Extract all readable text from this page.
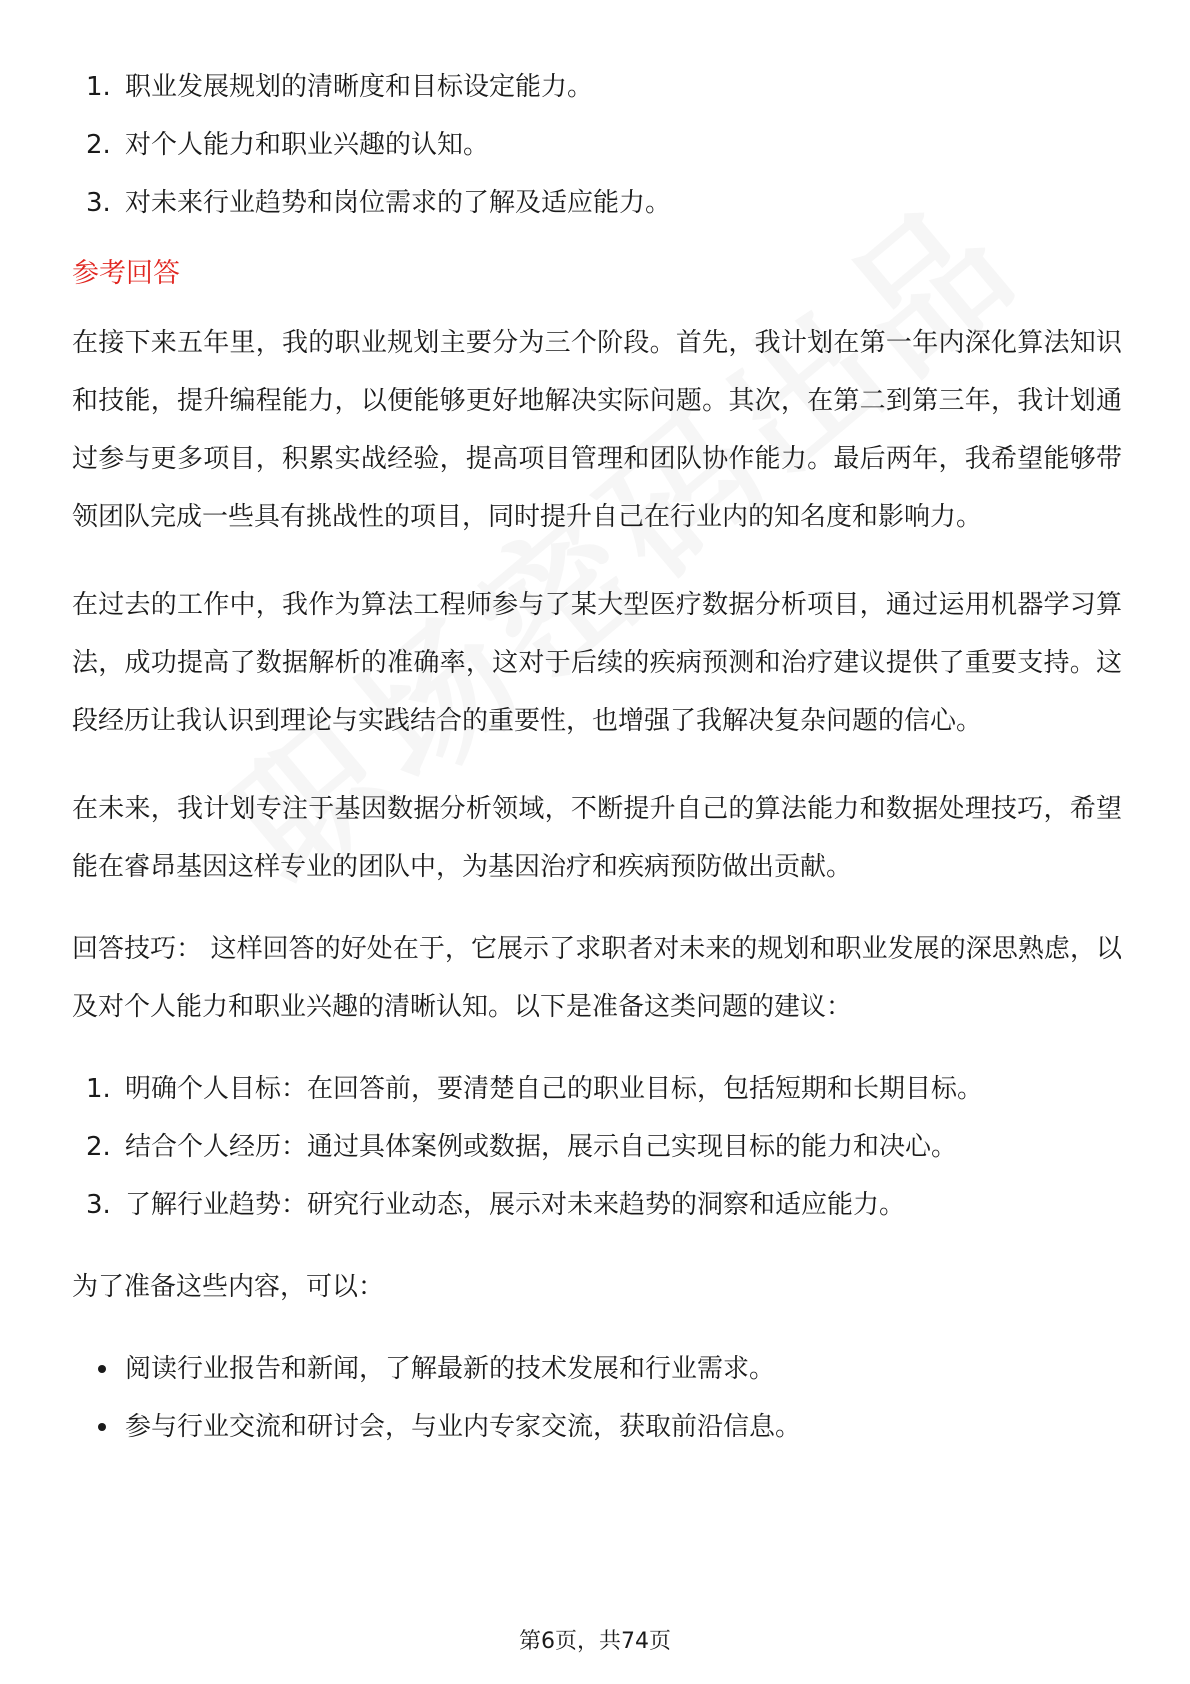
1. 职业发展规划的清晰度和目标设定能力。
2. 对个人能力和职业兴趣的认知。
3. 对未来行业趋势和岗位需求的了解及适应能力。
参考回答

在接下来五年里，我的职业规划主要分为三个阶段。首先，我计划在第一年内深化算法知识和技能，提升编程能力，以便能够更好地解决实际问题。其次，在第二到第三年，我计划通过参与更多项目，积累实战经验，提高项目管理和团队协作能力。最后两年，我希望能够带领团队完成一些具有挑战性的项目，同时提升自己在行业内的知名度和影响力。

在过去的工作中，我作为算法工程师参与了某大型医疗数据分析项目，通过运用机器学习算法，成功提高了数据解析的准确率，这对于后续的疾病预测和治疗建议提供了重要支持。这段经历让我认识到理论与实践结合的重要性，也增强了我解决复杂问题的信心。

在未来，我计划专注于基因数据分析领域，不断提升自己的算法能力和数据处理技巧，希望能在睿昂基因这样专业的团队中，为基因治疗和疾病预防做出贡献。

回答技巧： 这样回答的好处在于，它展示了求职者对未来的规划和职业发展的深思熟虑，以及对个人能力和职业兴趣的清晰认知。以下是准备这类问题的建议：

1. 明确个人目标：在回答前，要清楚自己的职业目标，包括短期和长期目标。
2. 结合个人经历：通过具体案例或数据，展示自己实现目标的能力和决心。
3. 了解行业趋势：研究行业动态，展示对未来趋势的洞察和适应能力。

为了准备这些内容，可以：

阅读行业报告和新闻，了解最新的技术发展和行业需求。
参与行业交流和研讨会，与业内专家交流，获取前沿信息。
第6页，共74页
